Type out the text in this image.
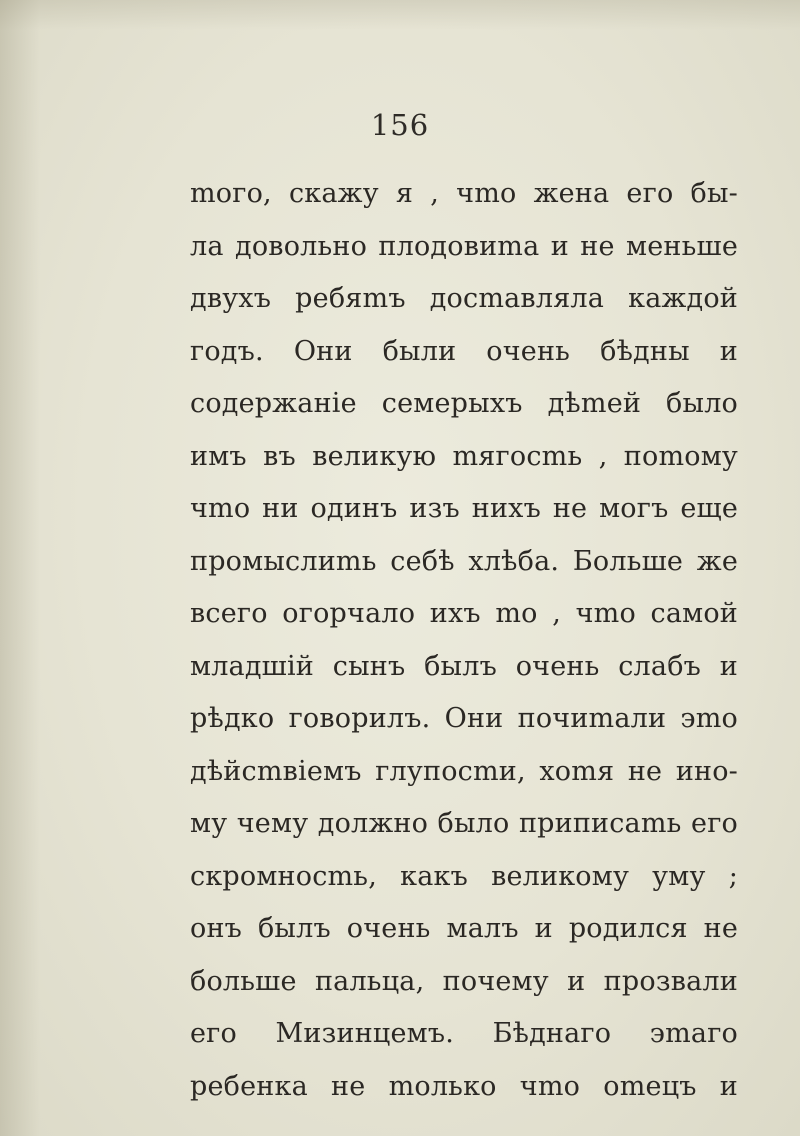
156
mого, скажу я , чmо жена его бы-
ла довольно плодовиmа и не меньше
двухъ ребяmъ досmавляла каждой
годъ. Они были очень бѣдны и
содержанie семерыхъ дѣmей было
имъ въ великую mягосmь , поmому
чmо ни одинъ изъ нихъ не могъ еще
промыслиmь себѣ хлѣба. Больше же
всего огорчало ихъ mо , чmо самой
младшiй сынъ былъ очень слабъ и
рѣдко говорилъ. Они почиmали эmо
дѣйсmвiемъ глупосmи, хоmя не ино-
му чему должно было приписаmь его
скромносmь, какъ великому уму ;
онъ былъ очень малъ и родился не
больше пальца, почему и прозвали
его Мизинцемъ. Бѣднаго эmаго
ребенка не mолько чmо оmецъ и
